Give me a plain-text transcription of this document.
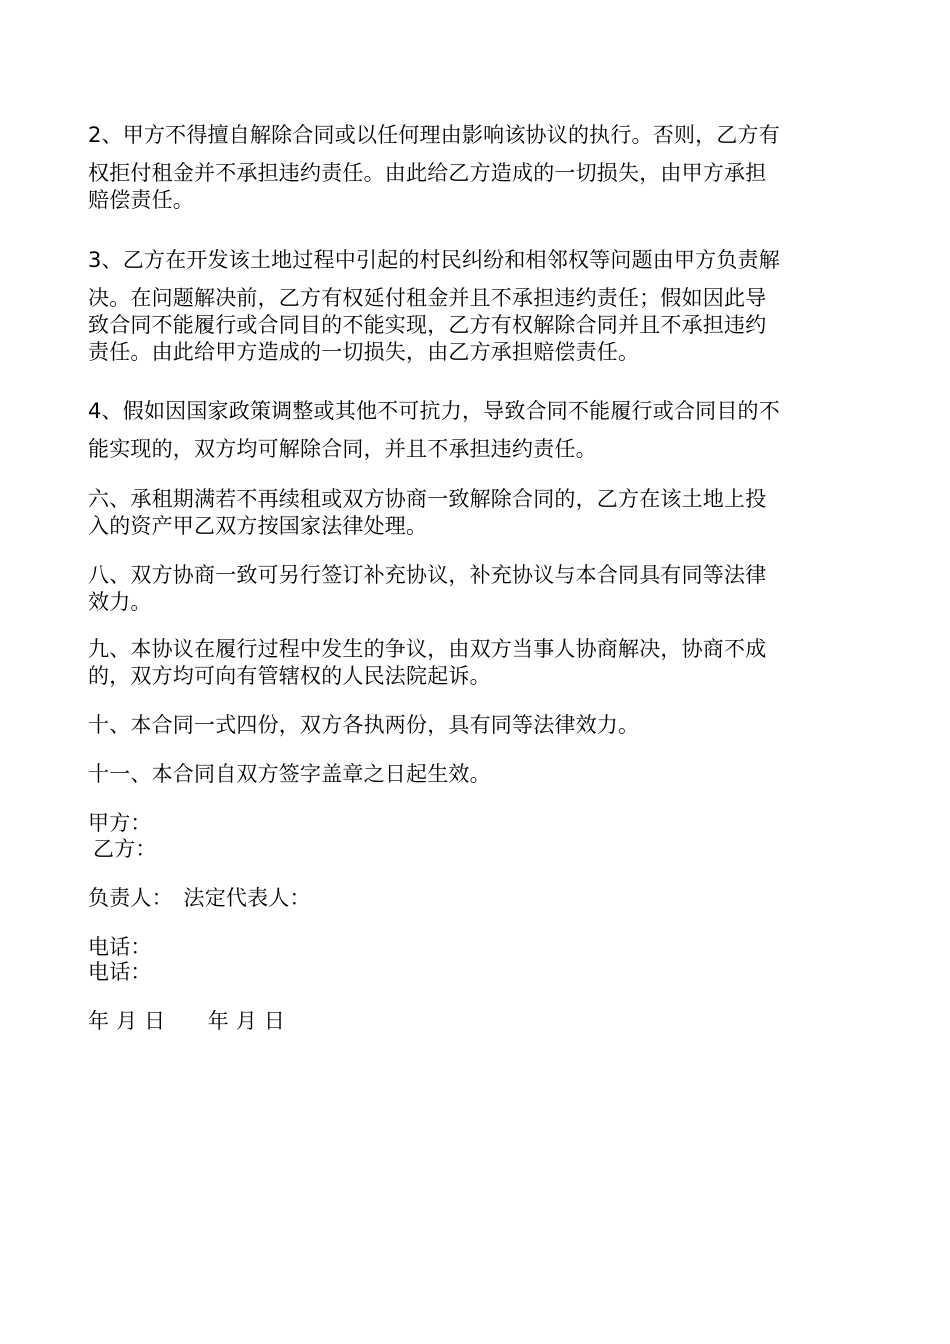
2、甲方不得擅自解除合同或以任何理由影响该协议的执行。否则，乙方有
权拒付租金并不承担违约责任。由此给乙方造成的一切损失，由甲方承担
赔偿责任。
3、乙方在开发该土地过程中引起的村民纠纷和相邻权等问题由甲方负责解
决。在问题解决前，乙方有权延付租金并且不承担违约责任；假如因此导
致合同不能履行或合同目的不能实现，乙方有权解除合同并且不承担违约
责任。由此给甲方造成的一切损失，由乙方承担赔偿责任。
4、假如因国家政策调整或其他不可抗力，导致合同不能履行或合同目的不
能实现的，双方均可解除合同，并且不承担违约责任。
六、承租期满若不再续租或双方协商一致解除合同的，乙方在该土地上投
入的资产甲乙双方按国家法律处理。
八、双方协商一致可另行签订补充协议，补充协议与本合同具有同等法律
效力。
九、本协议在履行过程中发生的争议，由双方当事人协商解决，协商不成
的，双方均可向有管辖权的人民法院起诉。
十、本合同一式四份，双方各执两份，具有同等法律效力。
十一、本合同自双方签字盖章之日起生效。
甲方：
乙方：
负责人：　法定代表人：
电话：
电话：
年 月 日　　年 月 日
